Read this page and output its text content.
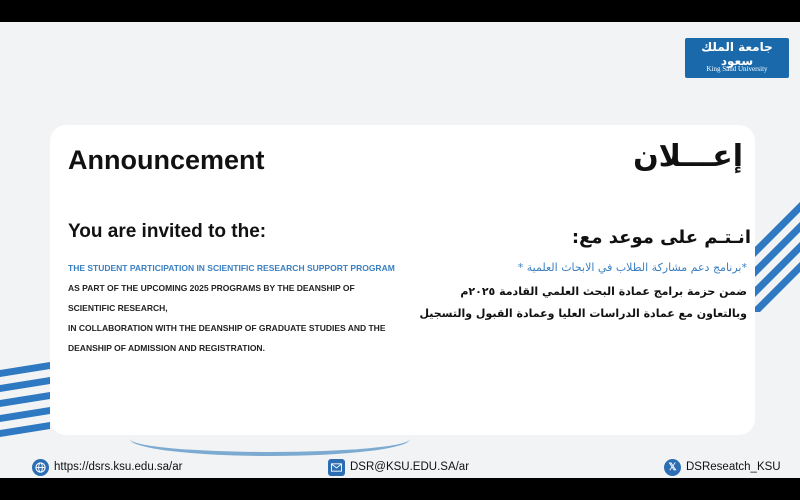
جامعة الملك سعود
King Saud University
Announcement	إعـــلان
You are invited to the:
THE STUDENT PARTICIPATION IN SCIENTIFIC RESEARCH SUPPORT PROGRAM
AS PART OF THE UPCOMING 2025 PROGRAMS BY THE DEANSHIP OF
SCIENTIFIC RESEARCH,
IN COLLABORATION WITH THE DEANSHIP OF GRADUATE STUDIES AND THE
DEANSHIP OF ADMISSION AND REGISTRATION.
انـتـم على موعد مع:
*برنامج دعم مشاركة الطلاب في الابحاث العلمية *
ضمن حزمة برامج عمادة البحث العلمي القادمة ٢٠٢٥م
وبالتعاون مع عمادة الدراسات العليا وعمادة القبول والتسجيل
https://dsrs.ksu.edu.sa/ar	DSR@KSU.EDU.SA/ar	𝕏 DSReseatch_KSU
